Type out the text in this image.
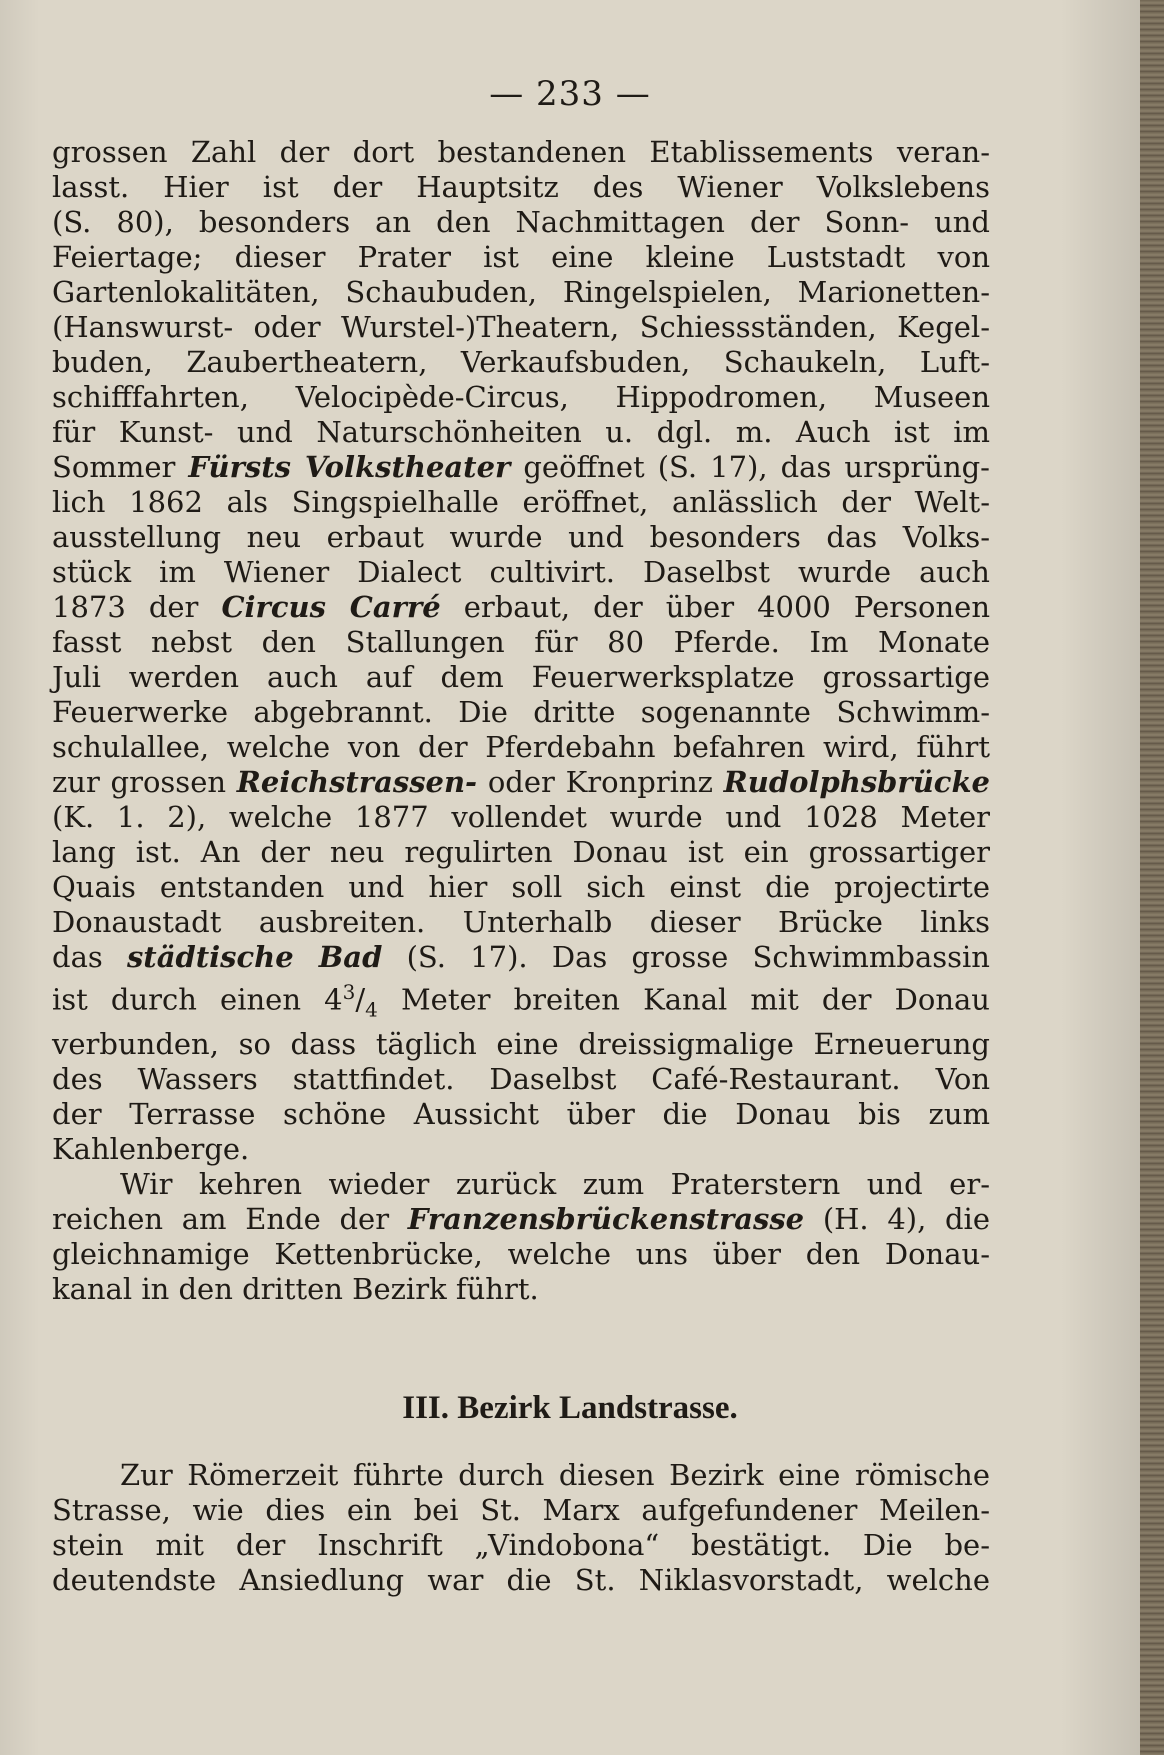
— 233 —
grossen Zahl der dort bestandenen Etablissements veran-
lasst. Hier ist der Hauptsitz des Wiener Volkslebens
(S. 80), besonders an den Nachmittagen der Sonn- und
Feiertage; dieser Prater ist eine kleine Luststadt von
Gartenlokalitäten, Schaubuden, Ringelspielen, Marionetten-
(Hanswurst- oder Wurstel-)Theatern, Schiessständen, Kegel-
buden, Zaubertheatern, Verkaufsbuden, Schaukeln, Luft-
schifffahrten, Velocipède-Circus, Hippodromen, Museen
für Kunst- und Naturschönheiten u. dgl. m. Auch ist im
Sommer Fürsts Volkstheater geöffnet (S. 17), das ursprüng-
lich 1862 als Singspielhalle eröffnet, anlässlich der Welt-
ausstellung neu erbaut wurde und besonders das Volks-
stück im Wiener Dialect cultivirt. Daselbst wurde auch
1873 der Circus Carré erbaut, der über 4000 Personen
fasst nebst den Stallungen für 80 Pferde. Im Monate
Juli werden auch auf dem Feuerwerksplatze grossartige
Feuerwerke abgebrannt. Die dritte sogenannte Schwimm-
schulallee, welche von der Pferdebahn befahren wird, führt
zur grossen Reichstrassen- oder Kronprinz Rudolphsbrücke
(K. 1. 2), welche 1877 vollendet wurde und 1028 Meter
lang ist. An der neu regulirten Donau ist ein grossartiger
Quais entstanden und hier soll sich einst die projectirte
Donaustadt ausbreiten. Unterhalb dieser Brücke links
das städtische Bad (S. 17). Das grosse Schwimmbassin
ist durch einen $4^3/_4$ Meter breiten Kanal mit der Donau
verbunden, so dass täglich eine dreissigmalige Erneuerung
des Wassers stattfindet. Daselbst Café-Restaurant. Von
der Terrasse schöne Aussicht über die Donau bis zum
Kahlenberge.
Wir kehren wieder zurück zum Praterstern und er-
reichen am Ende der Franzensbrückenstrasse (H. 4), die
gleichnamige Kettenbrücke, welche uns über den Donau-
kanal in den dritten Bezirk führt.
III. Bezirk Landstrasse.
Zur Römerzeit führte durch diesen Bezirk eine römische
Strasse, wie dies ein bei St. Marx aufgefundener Meilen-
stein mit der Inschrift „Vindobona“ bestätigt. Die be-
deutendste Ansiedlung war die St. Niklasvorstadt, welche
